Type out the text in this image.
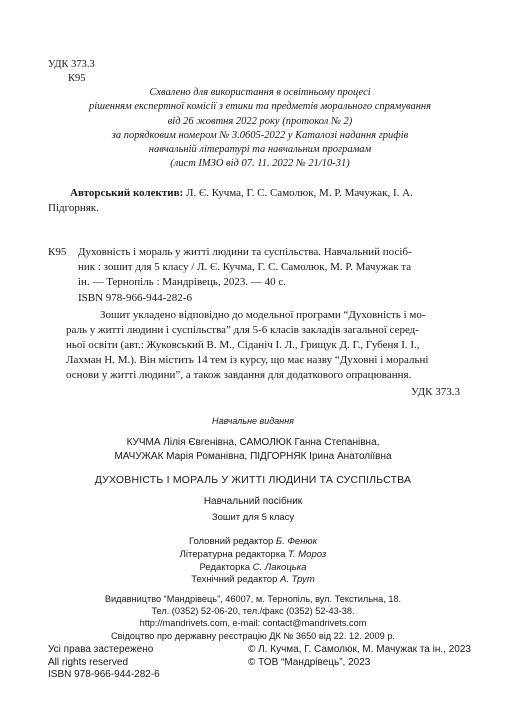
УДК 373.3
К95
Схвалено для використання в освітньому процесі
рішенням експертної комісії з етики та предметів морального спрямування
від 26 жовтня 2022 року (протокол № 2)
за порядковим номером № 3.0605-2022 у Каталозі надання грифів
навчальній літературі та навчальним програмам
(лист ІМЗО від 07. 11. 2022 № 21/10-31)
Авторський колектив: Л. Є. Кучма, Г. С. Самолюк, М. Р. Мачужак, І. А. Підгорняк.
К95 Духовність і мораль у житті людини та суспільства. Навчальний посіб-
ник : зошит для 5 класу / Л. Є. Кучма, Г. С. Самолюк, М. Р. Мачужак та
ін. — Тернопіль : Мандрівець, 2023. — 40 с.
ISBN 978-966-944-282-6
Зошит укладено відповідно до модельної програми “Духовність і мо-
раль у житті людини і суспільства” для 5-6 класів закладів загальної серед-
ньої освіти (авт.: Жуковський В. М., Сіданіч І. Л., Грищук Д. Г., Губеня І. І.,
Лахман Н. М.). Він містить 14 тем із курсу, що має назву “Духовні і моральні
основи у житті людини”, а також завдання для додаткового опрацювання.
УДК 373.3
Навчальне видання
КУЧМА Лілія Євгенівна, САМОЛЮК Ганна Степанівна,
МАЧУЖАК Марія Романівна, ПІДГОРНЯК Ірина Анатоліївна
ДУХОВНІСТЬ І МОРАЛЬ У ЖИТТІ ЛЮДИНИ ТА СУСПІЛЬСТВА
Навчальний посібник
Зошит для 5 класу
Головний редактор Б. Фенюк
Літературна редакторка Т. Мороз
Редакторка С. Лакоцька
Технічний редактор А. Трут
Видавництво “Мандрівець”, 46007, м. Тернопіль, вул. Текстильна, 18.
Тел. (0352) 52-06-20, тел./факс (0352) 52-43-38.
http://mandrivets.com, e-mail: contact@mandrivets.com
Свідоцтво про державну реєстрацію ДК № 3650 від 22. 12. 2009 р.
Усі права застережено
All rights reserved
ISBN 978-966-944-282-6
© Л. Кучма, Г. Самолюк, М. Мачужак та ін., 2023
© ТОВ “Мандрівець”, 2023
